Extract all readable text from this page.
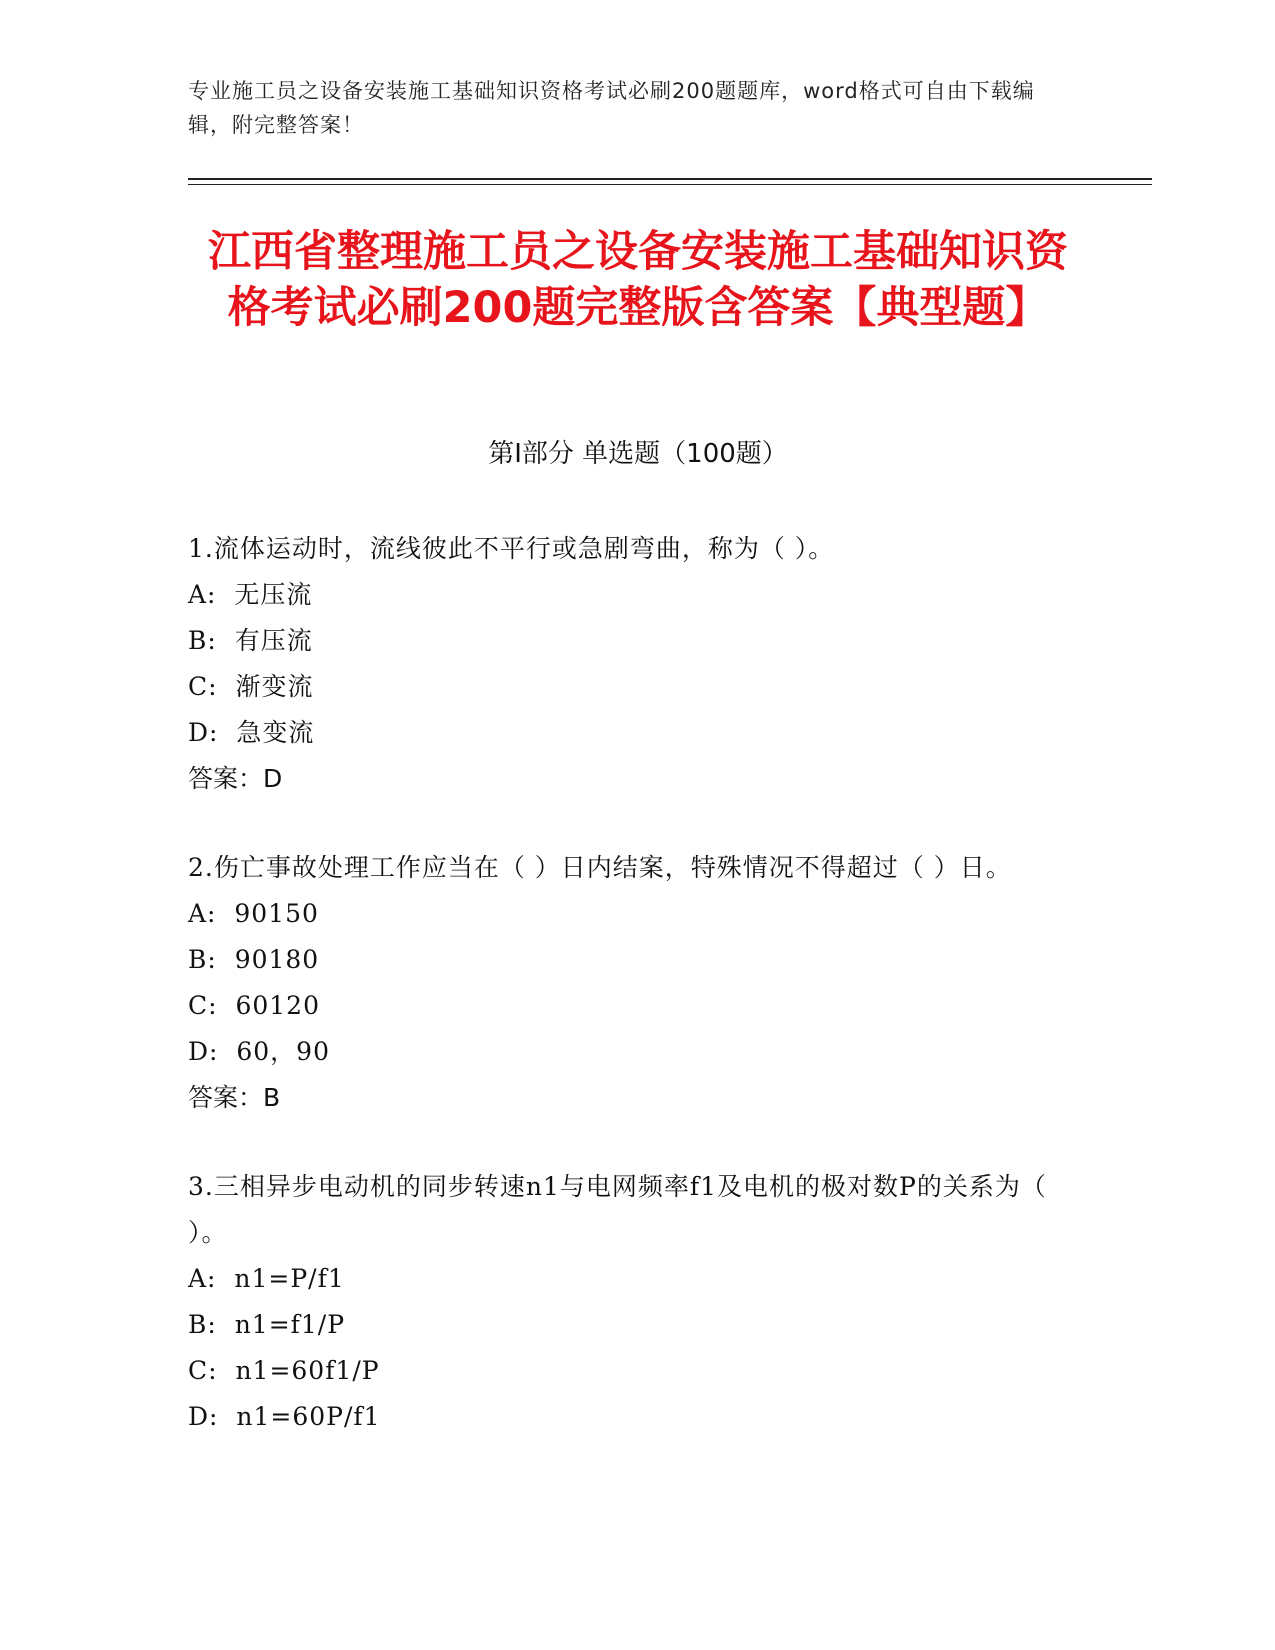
专业施工员之设备安装施工基础知识资格考试必刷200题题库，word格式可自由下载编辑，附完整答案！
江西省整理施工员之设备安装施工基础知识资格考试必刷200题完整版含答案【典型题】
第I部分 单选题（100题）

1.流体运动时，流线彼此不平行或急剧弯曲，称为（ ）。

A:  无压流
B:  有压流
C:  渐变流
D:  急变流
答案：D

2.伤亡事故处理工作应当在（ ）日内结案，特殊情况不得超过（ ）日。

A:  90150
B:  90180
C:  60120
D:  60，90
答案：B

3.三相异步电动机的同步转速n1与电网频率f1及电机的极对数P的关系为（ ）。

A:  n1=P/f1
B:  n1=f1/P
C:  n1=60f1/P
D:  n1=60P/f1
